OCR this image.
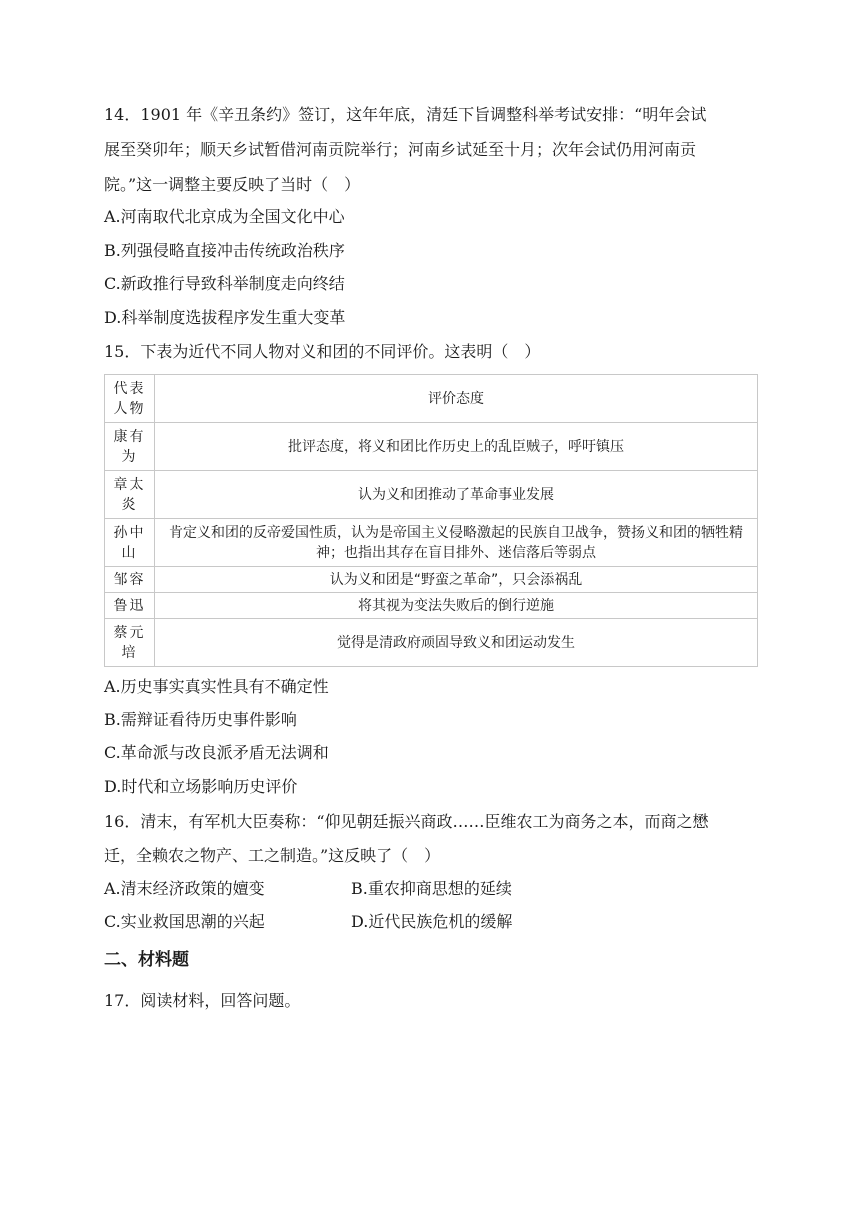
14．1901 年《辛丑条约》签订，这年年底，清廷下旨调整科举考试安排：“明年会试
展至癸卯年；顺天乡试暂借河南贡院举行；河南乡试延至十月；次年会试仍用河南贡
院。”这一调整主要反映了当时（　）
A.河南取代北京成为全国文化中心
B.列强侵略直接冲击传统政治秩序
C.新政推行导致科举制度走向终结
D.科举制度选拔程序发生重大变革
15．下表为近代不同人物对义和团的不同评价。这表明（　）
代表人物	评价态度
康有为	批评态度，将义和团比作历史上的乱臣贼子，呼吁镇压
章太炎	认为义和团推动了革命事业发展
孙中山	肯定义和团的反帝爱国性质，认为是帝国主义侵略激起的民族自卫战争，赞扬义和团的牺牲精神；也指出其存在盲目排外、迷信落后等弱点
邹容	认为义和团是“野蛮之革命”，只会添祸乱
鲁迅	将其视为变法失败后的倒行逆施
蔡元培	觉得是清政府顽固导致义和团运动发生
A.历史事实真实性具有不确定性
B.需辩证看待历史事件影响
C.革命派与改良派矛盾无法调和
D.时代和立场影响历史评价
16．清末，有军机大臣奏称：“仰见朝廷振兴商政……臣维农工为商务之本，而商之懋
迁，全赖农之物产、工之制造。”这反映了（　）
A.清末经济政策的嬗变	B.重农抑商思想的延续
C.实业救国思潮的兴起	D.近代民族危机的缓解
二、材料题
17．阅读材料，回答问题。
